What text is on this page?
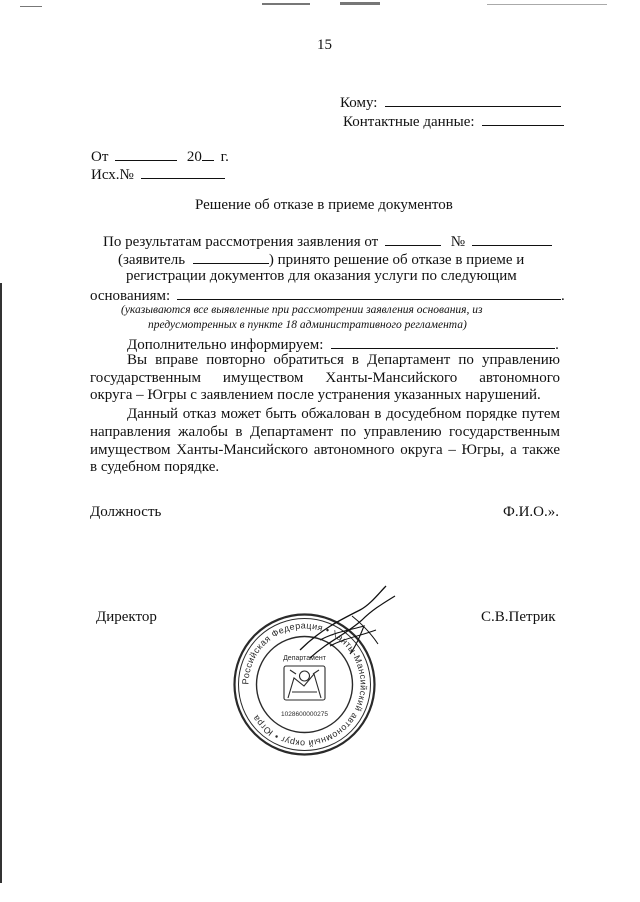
15
Кому:
Контактные данные:
От	20 г.
Исх.№
Решение об отказе в приеме документов
По результатам рассмотрения заявления от	№
(заявитель	) принято решение об отказе в приеме и
регистрации документов для оказания услуги по следующим
основаниям:	.
(указываются все выявленные при рассмотрении заявления основания, из
предусмотренных в пункте 18 административного регламента)
Дополнительно информируем:	.
Вы вправе повторно обратиться в Департамент по управлению
государственным имуществом Ханты-Мансийского автономного
округа – Югры с заявлением после устранения указанных нарушений.
Данный отказ может быть обжалован в досудебном порядке путем
направления жалобы в Департамент по управлению государственным
имуществом Ханты-Мансийского автономного округа – Югры, а также
в судебном порядке.
Должность	Ф.И.О.».
Директор	С.В.Петрик
Российская Федерация • Ханты-Мансийский автономный округ • Югра
Департамент
1028600000275
